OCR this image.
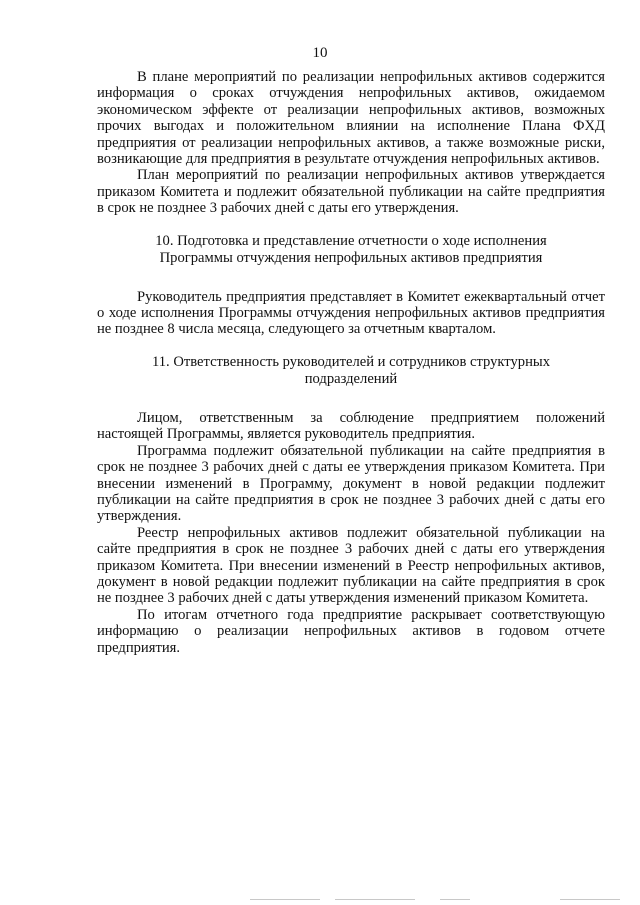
10

В плане мероприятий по реализации непрофильных активов содержится информация о сроках отчуждения непрофильных активов, ожидаемом экономическом эффекте от реализации непрофильных активов, возможных прочих выгодах и положительном влиянии на исполнение Плана ФХД предприятия от реализации непрофильных активов, а также возможные риски, возникающие для предприятия в результате отчуждения непрофильных активов.

План мероприятий по реализации непрофильных активов утверждается приказом Комитета и подлежит обязательной публикации на сайте предприятия в срок не позднее 3 рабочих дней с даты его утверждения.

10. Подготовка и представление отчетности о ходе исполнения

Программы отчуждения непрофильных активов предприятия

Руководитель предприятия представляет в Комитет ежеквартальный отчет о ходе исполнения Программы отчуждения непрофильных активов предприятия не позднее 8 числа месяца, следующего за отчетным кварталом.

11. Ответственность руководителей и сотрудников структурных

подразделений

Лицом, ответственным за соблюдение предприятием положений настоящей Программы, является руководитель предприятия.

Программа подлежит обязательной публикации на сайте предприятия в срок не позднее 3 рабочих дней с даты ее утверждения приказом Комитета. При внесении изменений в Программу, документ в новой редакции подлежит публикации на сайте предприятия в срок не позднее 3 рабочих дней с даты его утверждения.

Реестр непрофильных активов подлежит обязательной публикации на сайте предприятия в срок не позднее 3 рабочих дней с даты его утверждения приказом Комитета. При внесении изменений в Реестр непрофильных активов, документ в новой редакции подлежит публикации на сайте предприятия в срок не позднее 3 рабочих дней с даты утверждения изменений приказом Комитета.

По итогам отчетного года предприятие раскрывает соответствующую информацию о реализации непрофильных активов в годовом отчете предприятия.
